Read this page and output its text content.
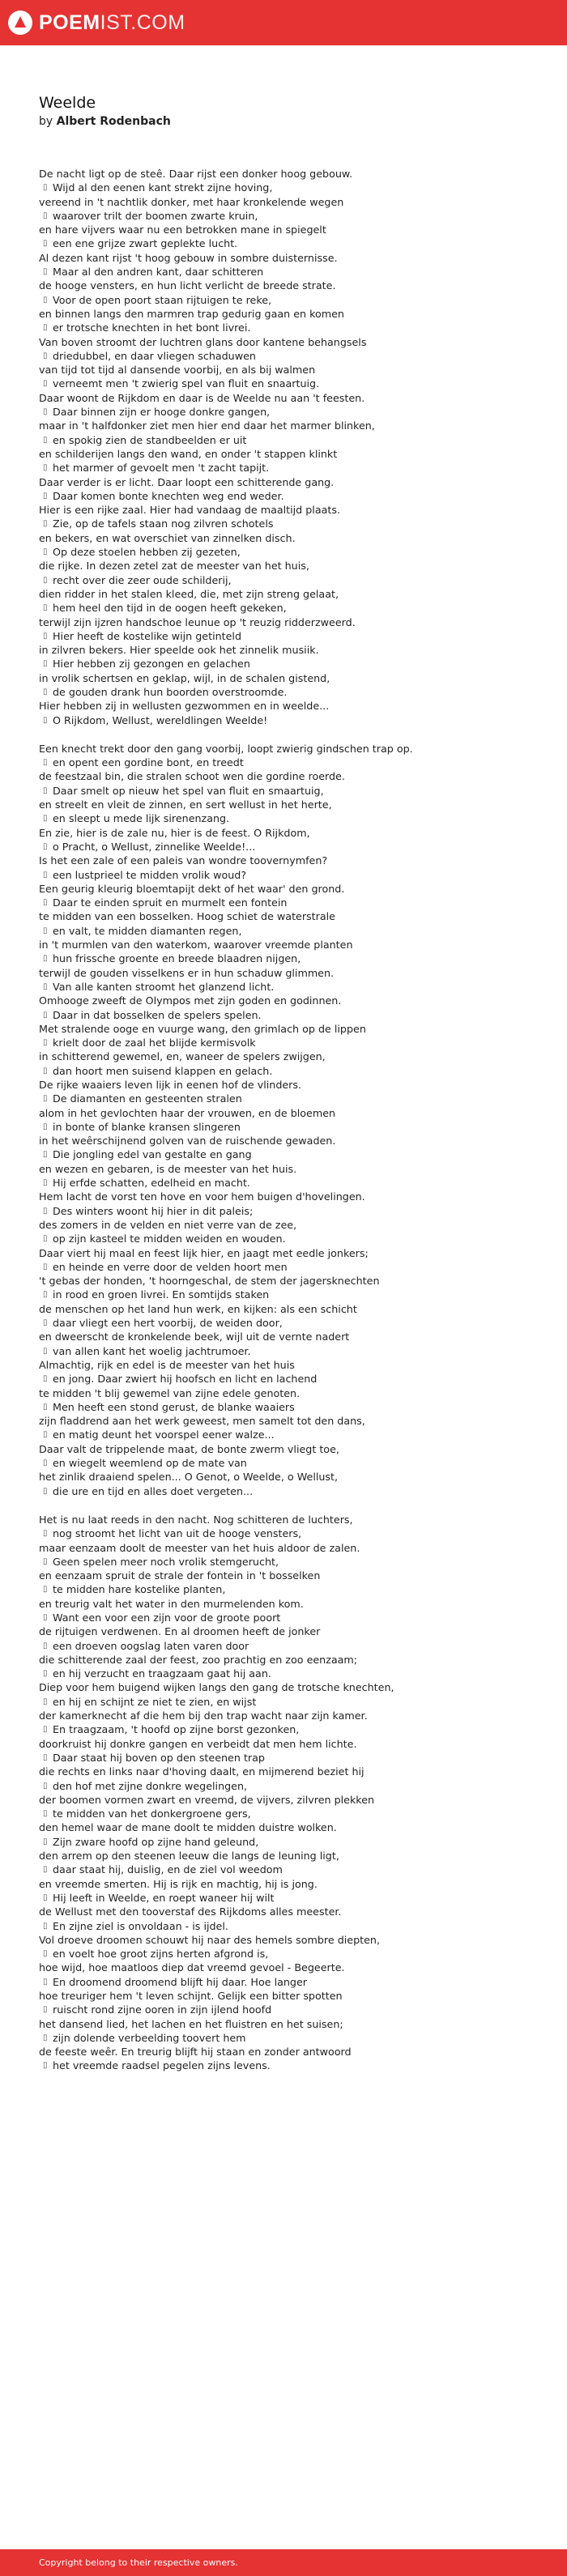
POEMIST.COM
Weelde
by Albert Rodenbach
De nacht ligt op de steê. Daar rijst een donker hoog gebouw.
▯ Wijd al den eenen kant strekt zijne hoving,
vereend in 't nachtlik donker, met haar kronkelende wegen
▯ waarover trilt der boomen zwarte kruin,
en hare vijvers waar nu een betrokken mane in spiegelt
▯ een ene grijze zwart geplekte lucht.
Al dezen kant rijst 't hoog gebouw in sombre duisternisse.
▯ Maar al den andren kant, daar schitteren
de hooge vensters, en hun licht verlicht de breede strate.
▯ Voor de open poort staan rijtuigen te reke,
en binnen langs den marmren trap gedurig gaan en komen
▯ er trotsche knechten in het bont livrei.
Van boven stroomt der luchtren glans door kantene behangsels
▯ driedubbel, en daar vliegen schaduwen
van tijd tot tijd al dansende voorbij, en als bij walmen
▯ verneemt men 't zwierig spel van fluit en snaartuig.
Daar woont de Rijkdom en daar is de Weelde nu aan 't feesten.
▯ Daar binnen zijn er hooge donkre gangen,
maar in 't halfdonker ziet men hier end daar het marmer blinken,
▯ en spokig zien de standbeelden er uit
en schilderijen langs den wand, en onder 't stappen klinkt
▯ het marmer of gevoelt men 't zacht tapijt.
Daar verder is er licht. Daar loopt een schitterende gang.
▯ Daar komen bonte knechten weg end weder.
Hier is een rijke zaal. Hier had vandaag de maaltijd plaats.
▯ Zie, op de tafels staan nog zilvren schotels
en bekers, en wat overschiet van zinnelken disch.
▯ Op deze stoelen hebben zij gezeten,
die rijke. In dezen zetel zat de meester van het huis,
▯ recht over die zeer oude schilderij,
dien ridder in het stalen kleed, die, met zijn streng gelaat,
▯ hem heel den tijd in de oogen heeft gekeken,
terwijl zijn ijzren handschoe leunue op 't reuzig ridderzweerd.
▯ Hier heeft de kostelike wijn getinteld
in zilvren bekers. Hier speelde ook het zinnelik musiik.
▯ Hier hebben zij gezongen en gelachen
in vrolik schertsen en geklap, wijl, in de schalen gistend,
▯ de gouden drank hun boorden overstroomde.
Hier hebben zij in wellusten gezwommen en in weelde...
▯ O Rijkdom, Wellust, wereldlingen Weelde!
Een knecht trekt door den gang voorbij, loopt zwierig gindschen trap op.
▯ en opent een gordine bont, en treedt
de feestzaal bin, die stralen schoot wen die gordine roerde.
▯ Daar smelt op nieuw het spel van fluit en smaartuig,
en streelt en vleit de zinnen, en sert wellust in het herte,
▯ en sleept u mede lijk sirenenzang.
En zie, hier is de zale nu, hier is de feest. O Rijkdom,
▯ o Pracht, o Wellust, zinnelike Weelde!...
Is het een zale of een paleis van wondre toovernymfen?
▯ een lustprieel te midden vrolik woud?
Een geurig kleurig bloemtapijt dekt of het waar' den grond.
▯ Daar te einden spruit en murmelt een fontein
te midden van een bosselken. Hoog schiet de waterstrale
▯ en valt, te midden diamanten regen,
in 't murmlen van den waterkom, waarover vreemde planten
▯ hun frissche groente en breede blaadren nijgen,
terwijl de gouden visselkens er in hun schaduw glimmen.
▯ Van alle kanten stroomt het glanzend licht.
Omhooge zweeft de Olympos met zijn goden en godinnen.
▯ Daar in dat bosselken de spelers spelen.
Met stralende ooge en vuurge wang, den grimlach op de lippen
▯ krielt door de zaal het blijde kermisvolk
in schitterend gewemel, en, waneer de spelers zwijgen,
▯ dan hoort men suisend klappen en gelach.
De rijke waaiers leven lijk in eenen hof de vlinders.
▯ De diamanten en gesteenten stralen
alom in het gevlochten haar der vrouwen, en de bloemen
▯ in bonte of blanke kransen slingeren
in het weêrschijnend golven van de ruischende gewaden.
▯ Die jongling edel van gestalte en gang
en wezen en gebaren, is de meester van het huis.
▯ Hij erfde schatten, edelheid en macht.
Hem lacht de vorst ten hove en voor hem buigen d'hovelingen.
▯ Des winters woont hij hier in dit paleis;
des zomers in de velden en niet verre van de zee,
▯ op zijn kasteel te midden weiden en wouden.
Daar viert hij maal en feest lijk hier, en jaagt met eedle jonkers;
▯ en heinde en verre door de velden hoort men
't gebas der honden, 't hoorngeschal, de stem der jagersknechten
▯ in rood en groen livrei. En somtijds staken
de menschen op het land hun werk, en kijken: als een schicht
▯ daar vliegt een hert voorbij, de weiden door,
en dweerscht de kronkelende beek, wijl uit de vernte nadert
▯ van allen kant het woelig jachtrumoer.
Almachtig, rijk en edel is de meester van het huis
▯ en jong. Daar zwiert hij hoofsch en licht en lachend
te midden 't blij gewemel van zijne edele genoten.
▯ Men heeft een stond gerust, de blanke waaiers
zijn fladdrend aan het werk geweest, men samelt tot den dans,
▯ en matig deunt het voorspel eener walze...
Daar valt de trippelende maat, de bonte zwerm vliegt toe,
▯ en wiegelt weemlend op de mate van
het zinlik draaiend spelen... O Genot, o Weelde, o Wellust,
▯ die ure en tijd en alles doet vergeten...
Het is nu laat reeds in den nacht. Nog schitteren de luchters,
▯ nog stroomt het licht van uit de hooge vensters,
maar eenzaam doolt de meester van het huis aldoor de zalen.
▯ Geen spelen meer noch vrolik stemgerucht,
en eenzaam spruit de strale der fontein in 't bosselken
▯ te midden hare kostelike planten,
en treurig valt het water in den murmelenden kom.
▯ Want een voor een zijn voor de groote poort
de rijtuigen verdwenen. En al droomen heeft de jonker
▯ een droeven oogslag laten varen door
die schitterende zaal der feest, zoo prachtig en zoo eenzaam;
▯ en hij verzucht en traagzaam gaat hij aan.
Diep voor hem buigend wijken langs den gang de trotsche knechten,
▯ en hij en schijnt ze niet te zien, en wijst
der kamerknecht af die hem bij den trap wacht naar zijn kamer.
▯ En traagzaam, 't hoofd op zijne borst gezonken,
doorkruist hij donkre gangen en verbeidt dat men hem lichte.
▯ Daar staat hij boven op den steenen trap
die rechts en links naar d'hoving daalt, en mijmerend beziet hij
▯ den hof met zijne donkre wegelingen,
der boomen vormen zwart en vreemd, de vijvers, zilvren plekken
▯ te midden van het donkergroene gers,
den hemel waar de mane doolt te midden duistre wolken.
▯ Zijn zware hoofd op zijne hand geleund,
den arrem op den steenen leeuw die langs de leuning ligt,
▯ daar staat hij, duislig, en de ziel vol weedom
en vreemde smerten. Hij is rijk en machtig, hij is jong.
▯ Hij leeft in Weelde, en roept waneer hij wilt
de Wellust met den tooverstaf des Rijkdoms alles meester.
▯ En zijne ziel is onvoldaan - is ijdel.
Vol droeve droomen schouwt hij naar des hemels sombre diepten,
▯ en voelt hoe groot zijns herten afgrond is,
hoe wijd, hoe maatloos diep dat vreemd gevoel - Begeerte.
▯ En droomend droomend blijft hij daar. Hoe langer
hoe treuriger hem 't leven schijnt. Gelijk een bitter spotten
▯ ruischt rond zijne ooren in zijn ijlend hoofd
het dansend lied, het lachen en het fluistren en het suisen;
▯ zijn dolende verbeelding toovert hem
de feeste weêr. En treurig blijft hij staan en zonder antwoord
▯ het vreemde raadsel pegelen zijns levens.
Copyright belong to their respective owners.
